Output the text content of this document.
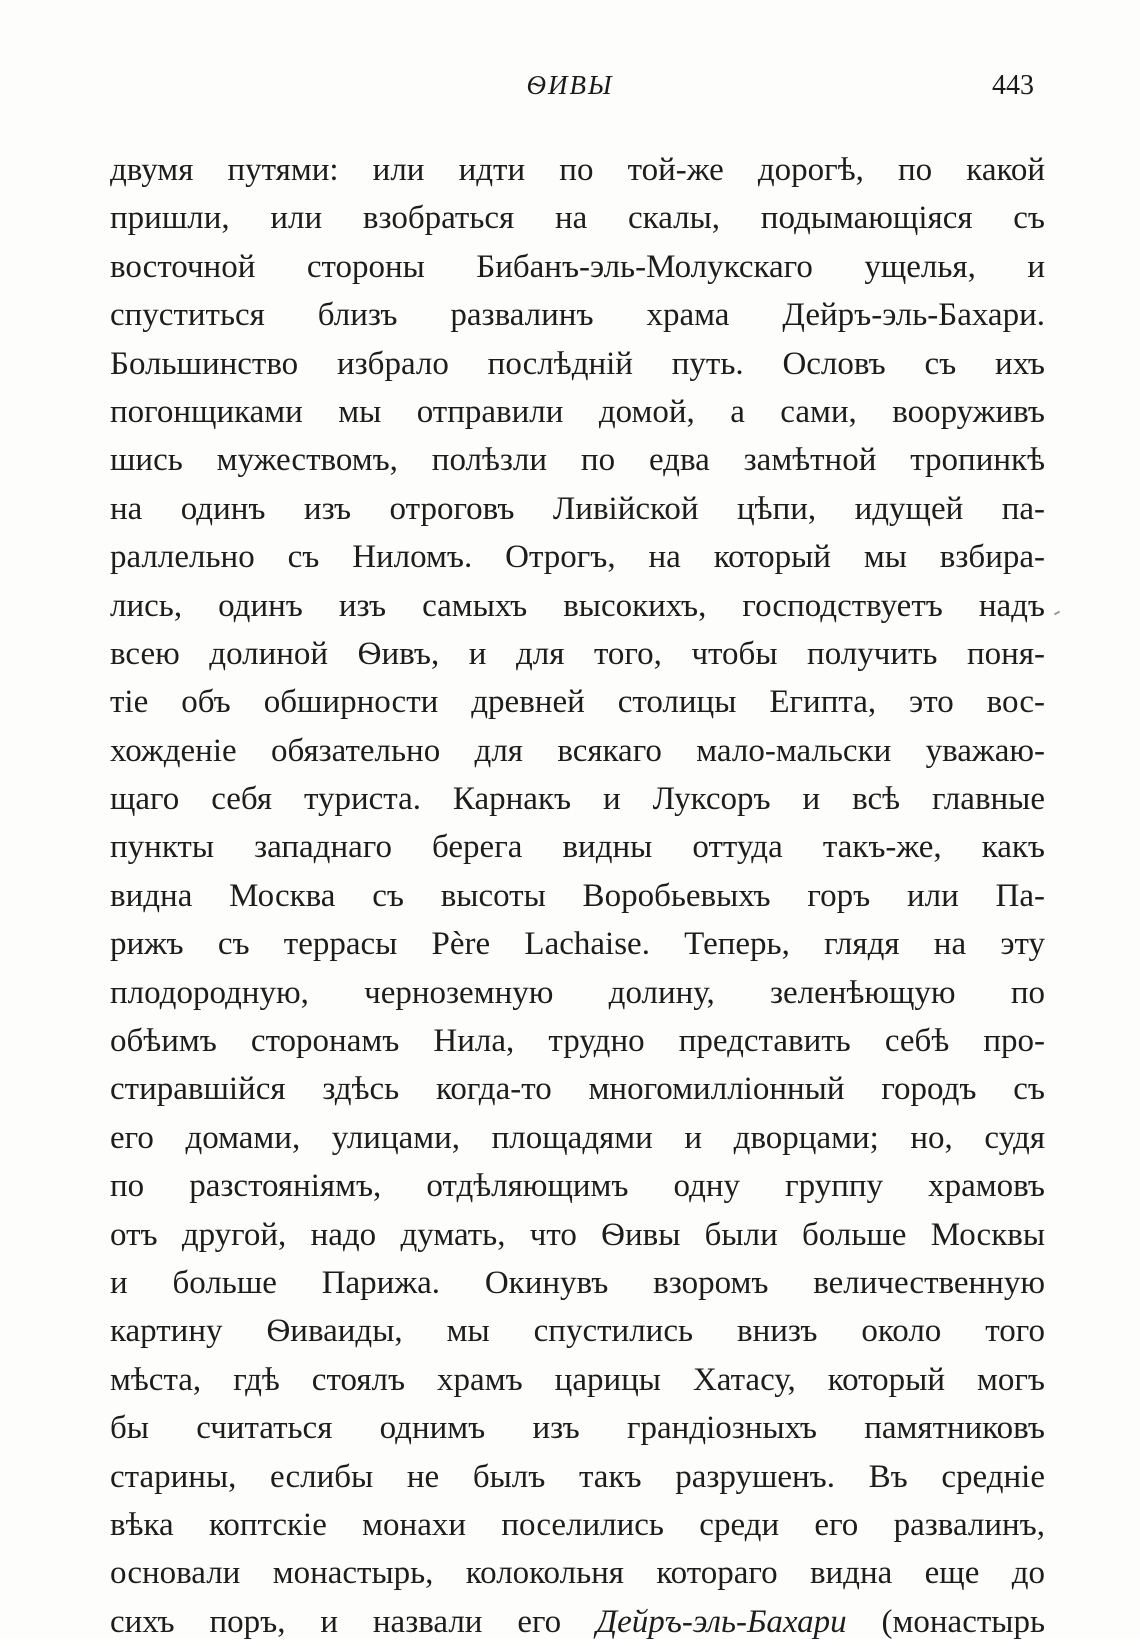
ѲИВЫ	443
двумя путями: или идти по той-же дорогѣ, по какой
пришли, или взобраться на скалы, подымающіяся съ
восточной стороны Бибанъ-эль-Молукскаго ущелья, и
спуститься близъ развалинъ храма Дейръ-эль-Бахари.
Большинство избрало послѣдній путь. Ословъ съ ихъ
погонщиками мы отправили домой, а сами, вооруживъ
шись мужествомъ, полѣзли по едва замѣтной тропинкѣ
на одинъ изъ отроговъ Ливійской цѣпи, идущей па-
раллельно съ Ниломъ. Отрогъ, на который мы взбира-
лись, одинъ изъ самыхъ высокихъ, господствуетъ надъ
всею долиной Ѳивъ, и для того, чтобы получить поня-
тіе объ обширности древней столицы Египта, это вос-
хожденіе обязательно для всякаго мало-мальски уважаю-
щаго себя туриста. Карнакъ и Луксоръ и всѣ главные
пункты западнаго берега видны оттуда такъ-же, какъ
видна Москва съ высоты Воробьевыхъ горъ или Па-
рижъ съ террасы Père Lachaise. Теперь, глядя на эту
плодородную, черноземную долину, зеленѣющую по
обѣимъ сторонамъ Нила, трудно представить себѣ про-
стиравшійся здѣсь когда-то многомилліонный городъ съ
его домами, улицами, площадями и дворцами; но, судя
по разстояніямъ, отдѣляющимъ одну группу храмовъ
отъ другой, надо думать, что Ѳивы были больше Москвы
и больше Парижа. Окинувъ взоромъ величественную
картину Ѳиваиды, мы спустились внизъ около того
мѣста, гдѣ стоялъ храмъ царицы Хатасу, который могъ
бы считаться однимъ изъ грандіозныхъ памятниковъ
старины, еслибы не былъ такъ разрушенъ. Въ средніе
вѣка коптскіе монахи поселились среди его развалинъ,
основали монастырь, колокольня котораго видна еще до
сихъ поръ, и назвали его Дейръ-эль-Бахари (монастырь
